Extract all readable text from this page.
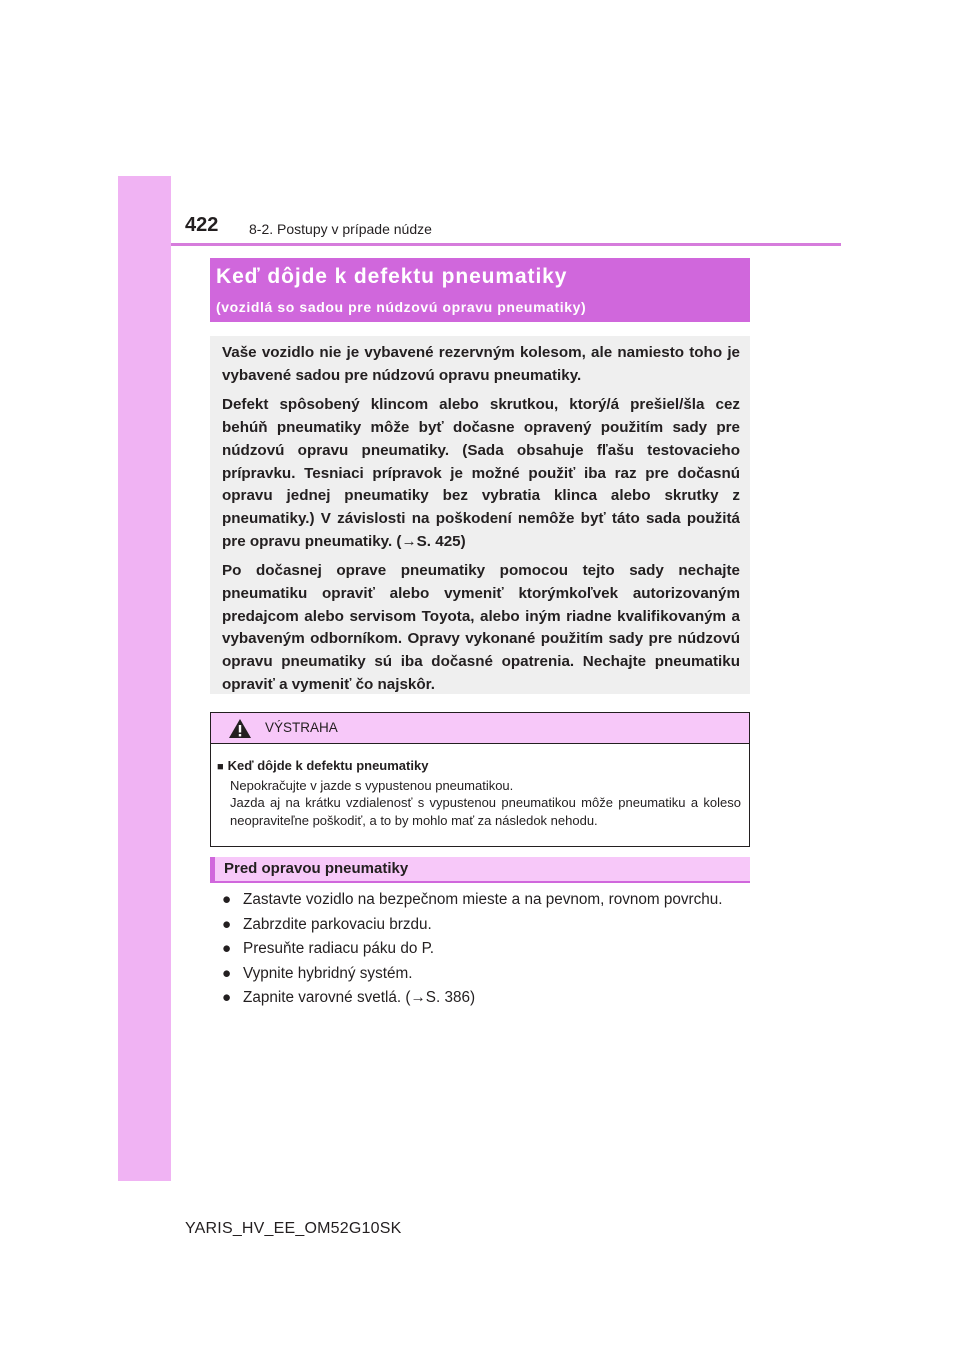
422 8-2. Postupy v prípade núdze
Keď dôjde k defektu pneumatiky
(vozidlá so sadou pre núdzovú opravu pneumatiky)

Vaše vozidlo nie je vybavené rezervným kolesom, ale namiesto toho je vybavené sadou pre núdzovú opravu pneumatiky.

Defekt spôsobený klincom alebo skrutkou, ktorý/á prešiel/šla cez behúň pneumatiky môže byť dočasne opravený použitím sady pre núdzovú opravu pneumatiky. (Sada obsahuje fľašu testovacieho prípravku. Tesniaci prípravok je možné použiť iba raz pre dočasnú opravu jednej pneumatiky bez vybratia klinca alebo skrutky z pneumatiky.) V závislosti na poškodení nemôže byť táto sada použitá pre opravu pneumatiky. (→S. 425)

Po dočasnej oprave pneumatiky pomocou tejto sady nechajte pneumatiku opraviť alebo vymeniť ktorýmkoľvek autorizovaným predajcom alebo servisom Toyota, alebo iným riadne kvalifikovaným a vybaveným odborníkom. Opravy vykonané použitím sady pre núdzovú opravu pneumatiky sú iba dočasné opatrenia. Nechajte pneumatiku opraviť a vymeniť čo najskôr.

VÝSTRAHA
■ Keď dôjde k defektu pneumatiky

Nepokračujte v jazde s vypustenou pneumatikou.

Jazda aj na krátku vzdialenosť s vypustenou pneumatikou môže pneumatiku a koleso neopraviteľne poškodiť, a to by mohlo mať za následok nehodu.

Pred opravou pneumatiky
● Zastavte vozidlo na bezpečnom mieste a na pevnom, rovnom povrchu.
● Zabrzdite parkovaciu brzdu.
● Presuňte radiacu páku do P.
● Vypnite hybridný systém.
● Zapnite varovné svetlá. (→S. 386)
YARIS_HV_EE_OM52G10SK
